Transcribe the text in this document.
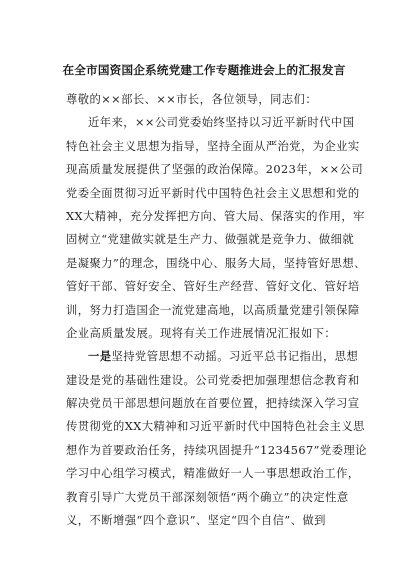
在全市国资国企系统党建工作专题推进会上的汇报发言
尊敬的××部长、××市长，各位领导，同志们：
近年来，××公司党委始终坚持以习近平新时代中国
特色社会主义思想为指导，坚持全面从严治党，为企业实
现高质量发展提供了坚强的政治保障。2023年，××公司
党委全面贯彻习近平新时代中国特色社会主义思想和党的
XX大精神，充分发挥把方向、管大局、保落实的作用，牢
固树立“党建做实就是生产力、做强就是竞争力、做细就
是凝聚力”的理念，围绕中心、服务大局，坚持管好思想、
管好干部、管好安全、管好生产经营、管好文化、管好培
训，努力打造国企一流党建高地，以高质量党建引领保障
企业高质量发展。现将有关工作进展情况汇报如下：
一是坚持党管思想不动摇。习近平总书记指出，思想
建设是党的基础性建设。公司党委把加强理想信念教育和
解决党员干部思想问题放在首要位置，把持续深入学习宣
传贯彻党的XX大精神和习近平新时代中国特色社会主义思
想作为首要政治任务，持续巩固提升“1234567”党委理论
学习中心组学习模式，精准做好一人一事思想政治工作，
教育引导广大党员干部深刻领悟“两个确立”的决定性意
义，不断增强“四个意识”、坚定“四个自信”、做到
